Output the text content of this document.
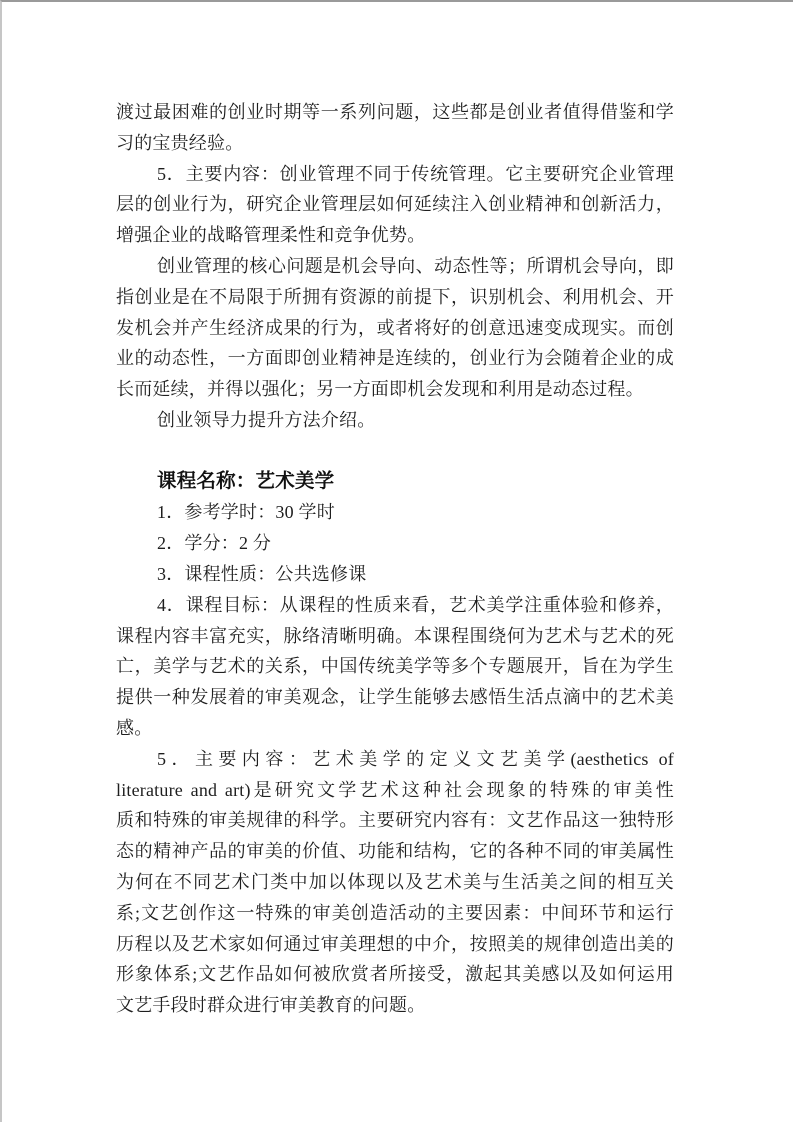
渡过最困难的创业时期等一系列问题，这些都是创业者值得借鉴和学
习的宝贵经验。
5．主要内容：创业管理不同于传统管理。它主要研究企业管理
层的创业行为，研究企业管理层如何延续注入创业精神和创新活力，
增强企业的战略管理柔性和竞争优势。
创业管理的核心问题是机会导向、动态性等；所谓机会导向，即
指创业是在不局限于所拥有资源的前提下，识别机会、利用机会、开
发机会并产生经济成果的行为，或者将好的创意迅速变成现实。而创
业的动态性，一方面即创业精神是连续的，创业行为会随着企业的成
长而延续，并得以强化；另一方面即机会发现和利用是动态过程。
创业领导力提升方法介绍。
课程名称：艺术美学
1．参考学时：30 学时
2．学分：2 分
3．课程性质：公共选修课
4．课程目标：从课程的性质来看，艺术美学注重体验和修养，
课程内容丰富充实，脉络清晰明确。本课程围绕何为艺术与艺术的死
亡，美学与艺术的关系，中国传统美学等多个专题展开，旨在为学生
提供一种发展着的审美观念，让学生能够去感悟生活点滴中的艺术美
感。
5．主要内容：艺术美学的定义文艺美学(aesthetics of
literature and art)是研究文学艺术这种社会现象的特殊的审美性
质和特殊的审美规律的科学。主要研究内容有：文艺作品这一独特形
态的精神产品的审美的价值、功能和结构，它的各种不同的审美属性
为何在不同艺术门类中加以体现以及艺术美与生活美之间的相互关
系;文艺创作这一特殊的审美创造活动的主要因素：中间环节和运行
历程以及艺术家如何通过审美理想的中介，按照美的规律创造出美的
形象体系;文艺作品如何被欣赏者所接受，激起其美感以及如何运用
文艺手段时群众进行审美教育的问题。
